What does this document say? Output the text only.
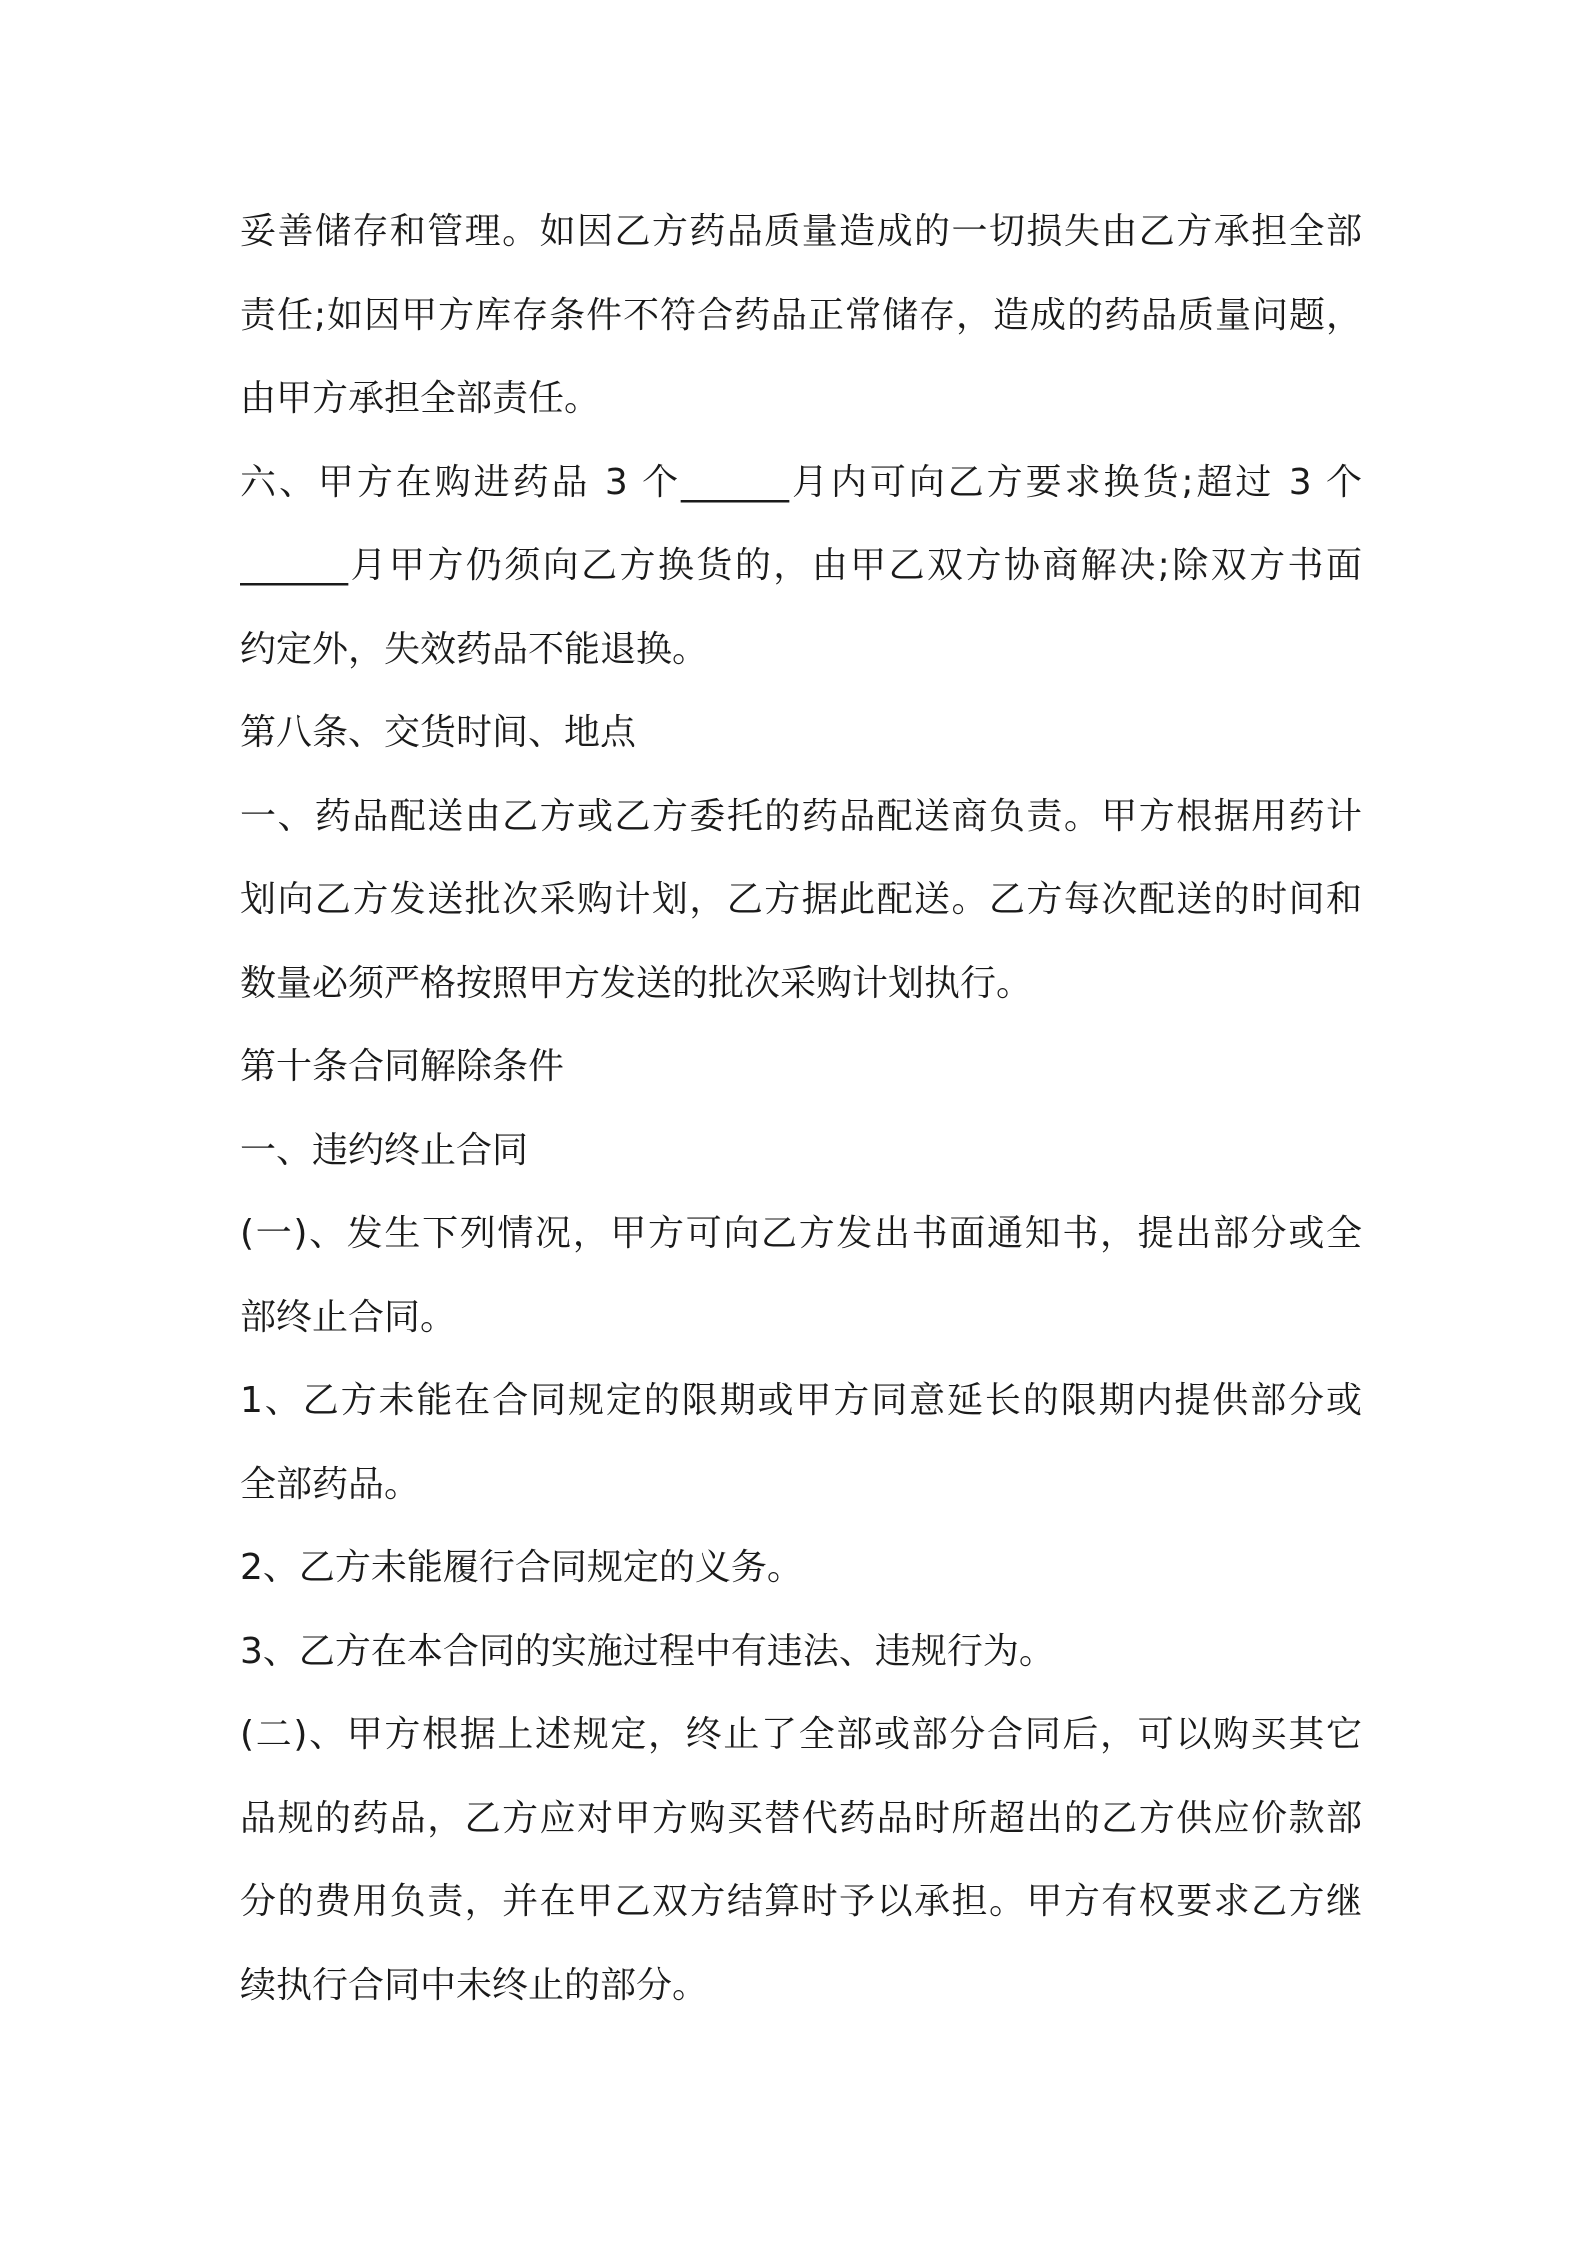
妥善储存和管理。如因乙方药品质量造成的一切损失由乙方承担全部
责任;如因甲方库存条件不符合药品正常储存，造成的药品质量问题，
由甲方承担全部责任。
六、甲方在购进药品 3 个______月内可向乙方要求换货;超过 3 个
______月甲方仍须向乙方换货的，由甲乙双方协商解决;除双方书面
约定外，失效药品不能退换。
第八条、交货时间、地点
一、药品配送由乙方或乙方委托的药品配送商负责。甲方根据用药计
划向乙方发送批次采购计划，乙方据此配送。乙方每次配送的时间和
数量必须严格按照甲方发送的批次采购计划执行。
第十条合同解除条件
一、违约终止合同
(一)、发生下列情况，甲方可向乙方发出书面通知书，提出部分或全
部终止合同。
1、乙方未能在合同规定的限期或甲方同意延长的限期内提供部分或
全部药品。
2、乙方未能履行合同规定的义务。
3、乙方在本合同的实施过程中有违法、违规行为。
(二)、甲方根据上述规定，终止了全部或部分合同后，可以购买其它
品规的药品，乙方应对甲方购买替代药品时所超出的乙方供应价款部
分的费用负责，并在甲乙双方结算时予以承担。甲方有权要求乙方继
续执行合同中未终止的部分。
